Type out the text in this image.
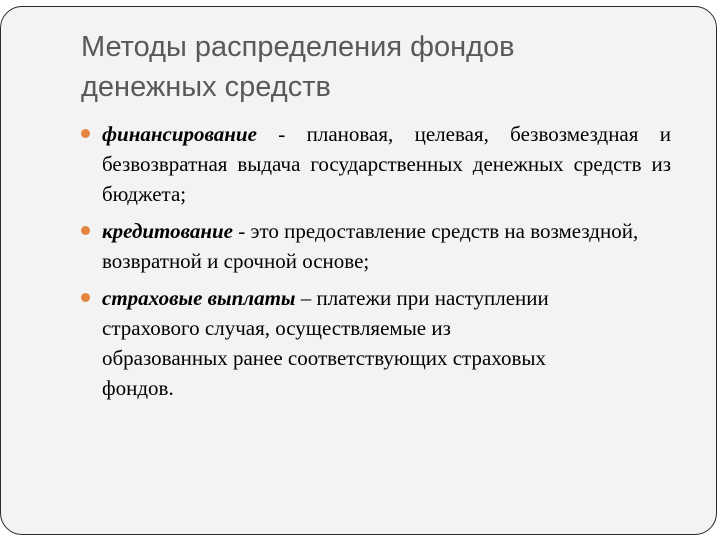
Методы распределения фондов
денежных средств
финансирование - плановая, целевая, безвозмездная и безвозвратная выдача государственных денежных средств из бюджета;
кредитование - это предоставление средств на возмездной, возвратной и срочной основе;
страховые выплаты – платежи при наступлении страхового случая, осуществляемые из образованных ранее соответствующих страховых фондов.
